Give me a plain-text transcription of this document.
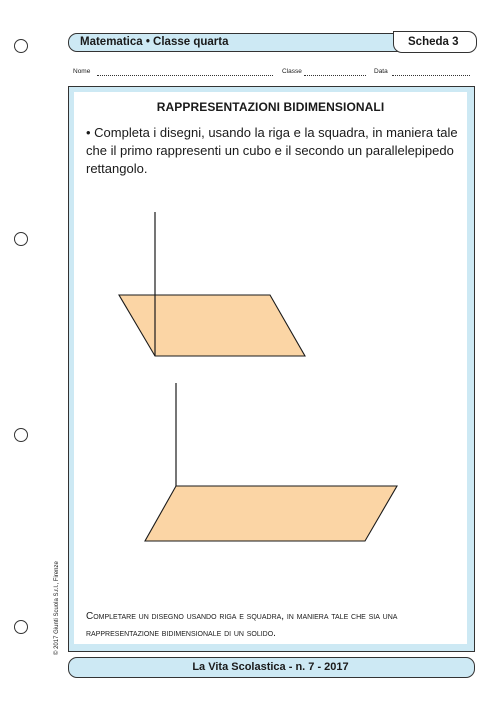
Matematica • Classe quarta	Scheda 3
Nome	Classe	Data
RAPPRESENTAZIONI BIDIMENSIONALI
• Completa i disegni, usando la riga e la squadra, in maniera tale che il primo rappresenti un cubo e il secondo un parallelepipedo rettangolo.
Completare un disegno usando riga e squadra, in maniera tale che sia una rappresentazione bidimensionale di un solido.
© 2017 Giunti Scuola S.r.l., Firenze
La Vita Scolastica - n. 7 - 2017
